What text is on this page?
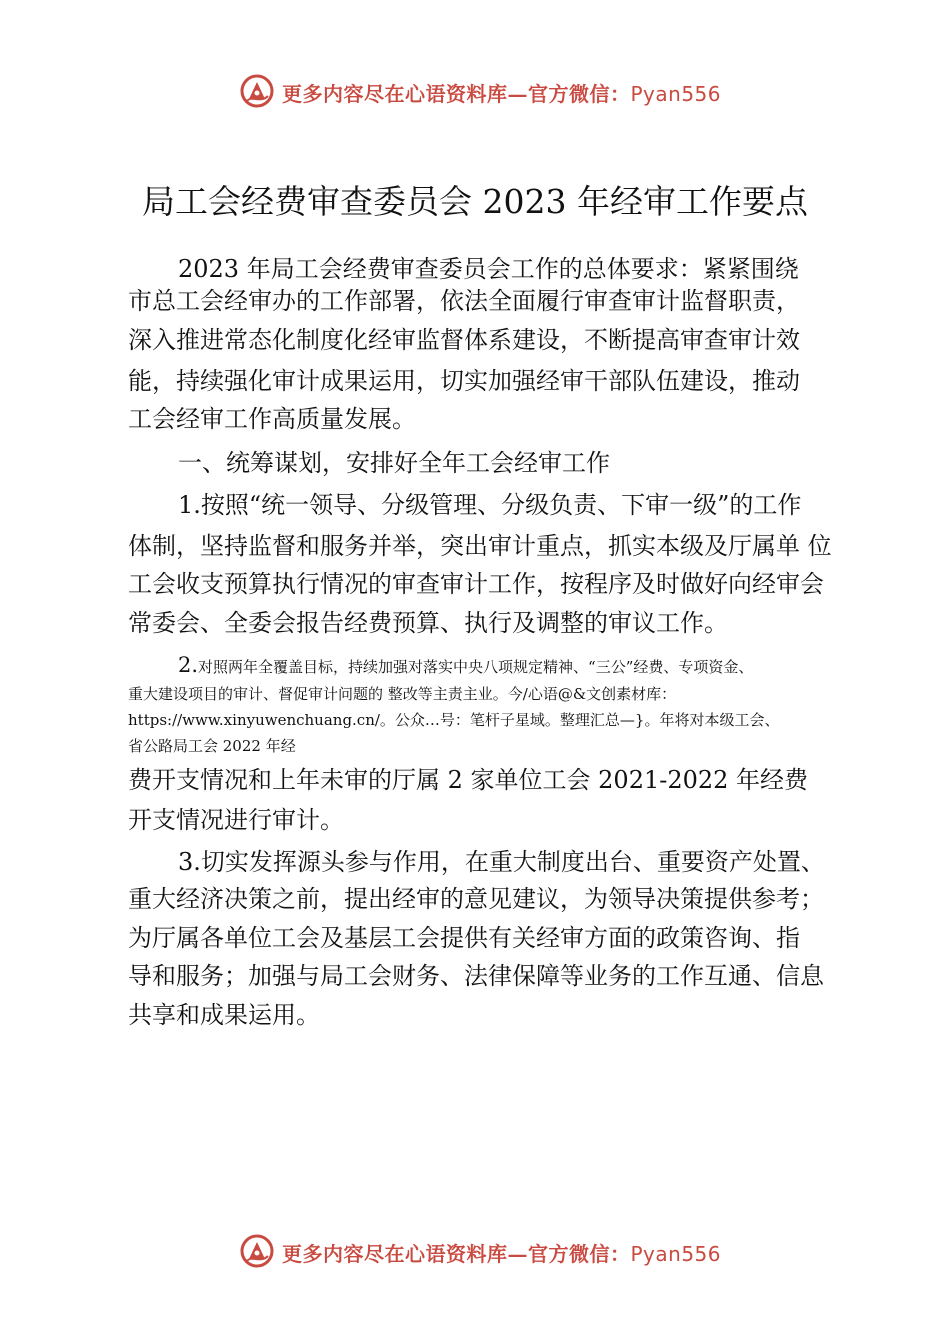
更多内容尽在心语资料库—官方微信：Pyan556
局工会经费审查委员会 2023 年经审工作要点
2023 年局工会经费审查委员会工作的总体要求：紧紧围绕
市总工会经审办的工作部署，依法全面履行审查审计监督职责，
深入推进常态化制度化经审监督体系建设，不断提高审查审计效
能，持续强化审计成果运用，切实加强经审干部队伍建设，推动
工会经审工作高质量发展。
一、统筹谋划，安排好全年工会经审工作
1.按照“统一领导、分级管理、分级负责、下审一级”的工作
体制，坚持监督和服务并举，突出审计重点，抓实本级及厅属单 位
工会收支预算执行情况的审查审计工作，按程序及时做好向经审会
常委会、全委会报告经费预算、执行及调整的审议工作。
2.对照两年全覆盖目标，持续加强对落实中央八项规定精神、“三公”经费、专项资金、
重大建设项目的审计、督促审计问题的 整改等主责主业。今/心语@&文创素材库：
https://www.xinyuwenchuang.cn/。公众…号：笔杆子星域。整理汇总—}。年将对本级工会、
省公路局工会 2022 年经
费开支情况和上年未审的厅属 2 家单位工会 2021-2022 年经费
开支情况进行审计。
3.切实发挥源头参与作用，在重大制度出台、重要资产处置、
重大经济决策之前，提出经审的意见建议，为领导决策提供参考；
为厅属各单位工会及基层工会提供有关经审方面的政策咨询、指
导和服务；加强与局工会财务、法律保障等业务的工作互通、信息
共享和成果运用。
更多内容尽在心语资料库—官方微信：Pyan556
